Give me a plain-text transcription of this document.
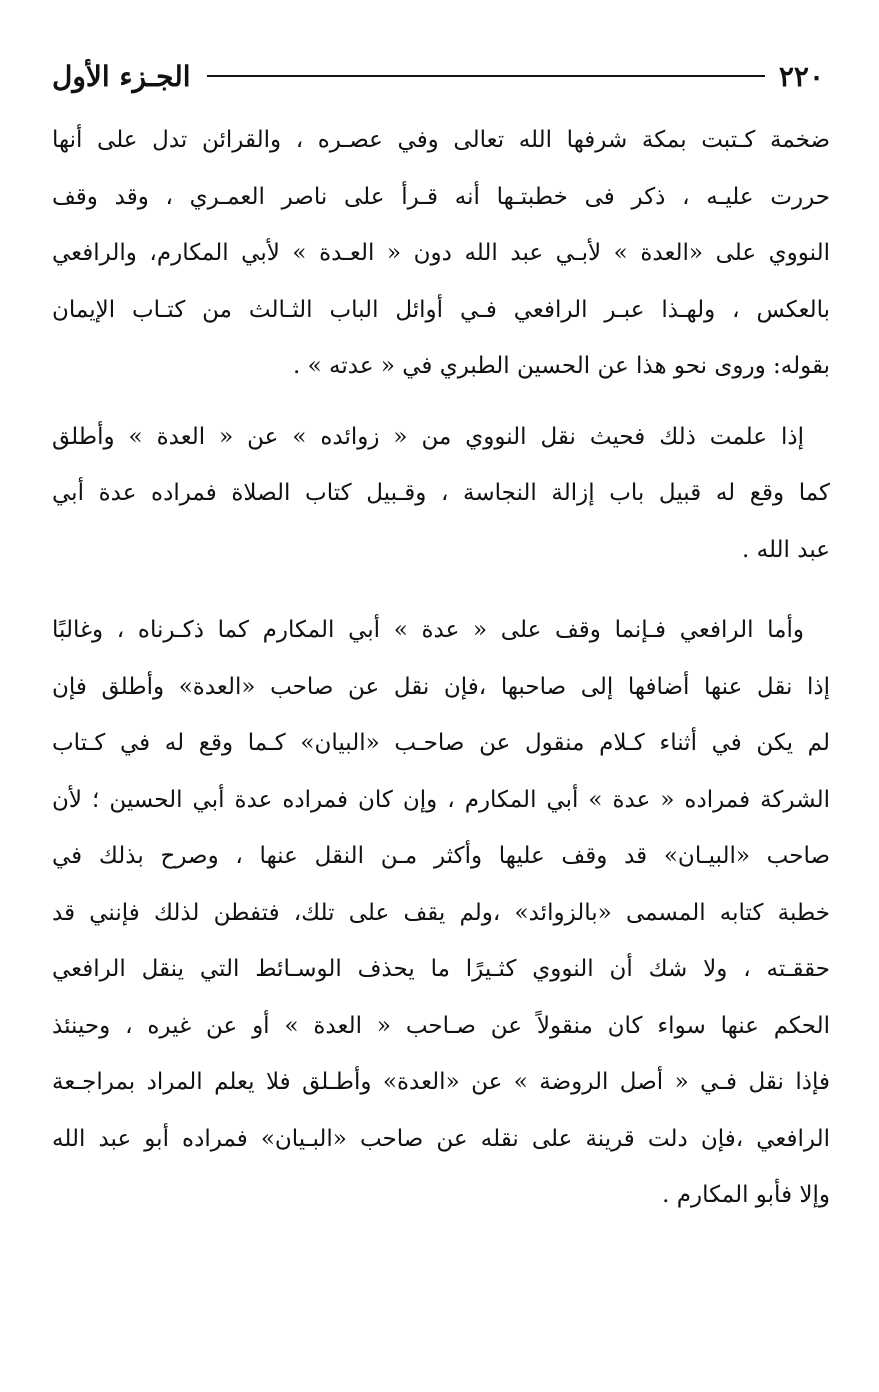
٢٢٠
الجـزء الأول
ضخمة كـتبت بمكة شرفها الله تعالى وفي عصـره ، والقرائن تدل على أنها
حررت عليـه ، ذكر فى خطبتـها أنه قـرأ على ناصر العمـري ، وقد وقف
النووي على «العدة » لأبـي عبد الله دون « العـدة » لأبي المكارم، والرافعي
بالعكس ، ولهـذا عبـر الرافعي فـي أوائل الباب الثـالث من كتـاب الإيمان
بقوله: وروى نحو هذا عن الحسين الطبري في « عدته » .
إذا علمت ذلك فحيث نقل النووي من « زوائده » عن « العدة » وأطلق
كما وقع له قبيل باب إزالة النجاسة ، وقـبيل كتاب الصلاة فمراده عدة أبي
عبد الله .
وأما الرافعي فـإنما وقف على « عدة » أبي المكارم كما ذكـرناه ، وغالبًا
إذا نقل عنها أضافها إلى صاحبها ،فإن نقل عن صاحب «العدة» وأطلق فإن
لم يكن في أثناء كـلام منقول عن صاحـب «البيان» كـما وقع له في كـتاب
الشركة فمراده « عدة » أبي المكارم ، وإن كان فمراده عدة أبي الحسين ؛ لأن
صاحب «البيـان» قد وقف عليها وأكثر مـن النقل عنها ، وصرح بذلك في
خطبة كتابه المسمى «بالزوائد» ،ولم يقف على تلك، فتفطن لذلك فإنني قد
حققـته ، ولا شك أن النووي كثـيرًا ما يحذف الوسـائط التي ينقل الرافعي
الحكم عنها سواء كان منقولاً عن صـاحب « العدة » أو عن غيره ، وحينئذ
فإذا نقل فـي « أصل الروضة » عن «العدة» وأطـلق فلا يعلم المراد بمراجـعة
الرافعي ،فإن دلت قرينة على نقله عن صاحب «البـيان» فمراده أبو عبد الله
وإلا فأبو المكارم .
